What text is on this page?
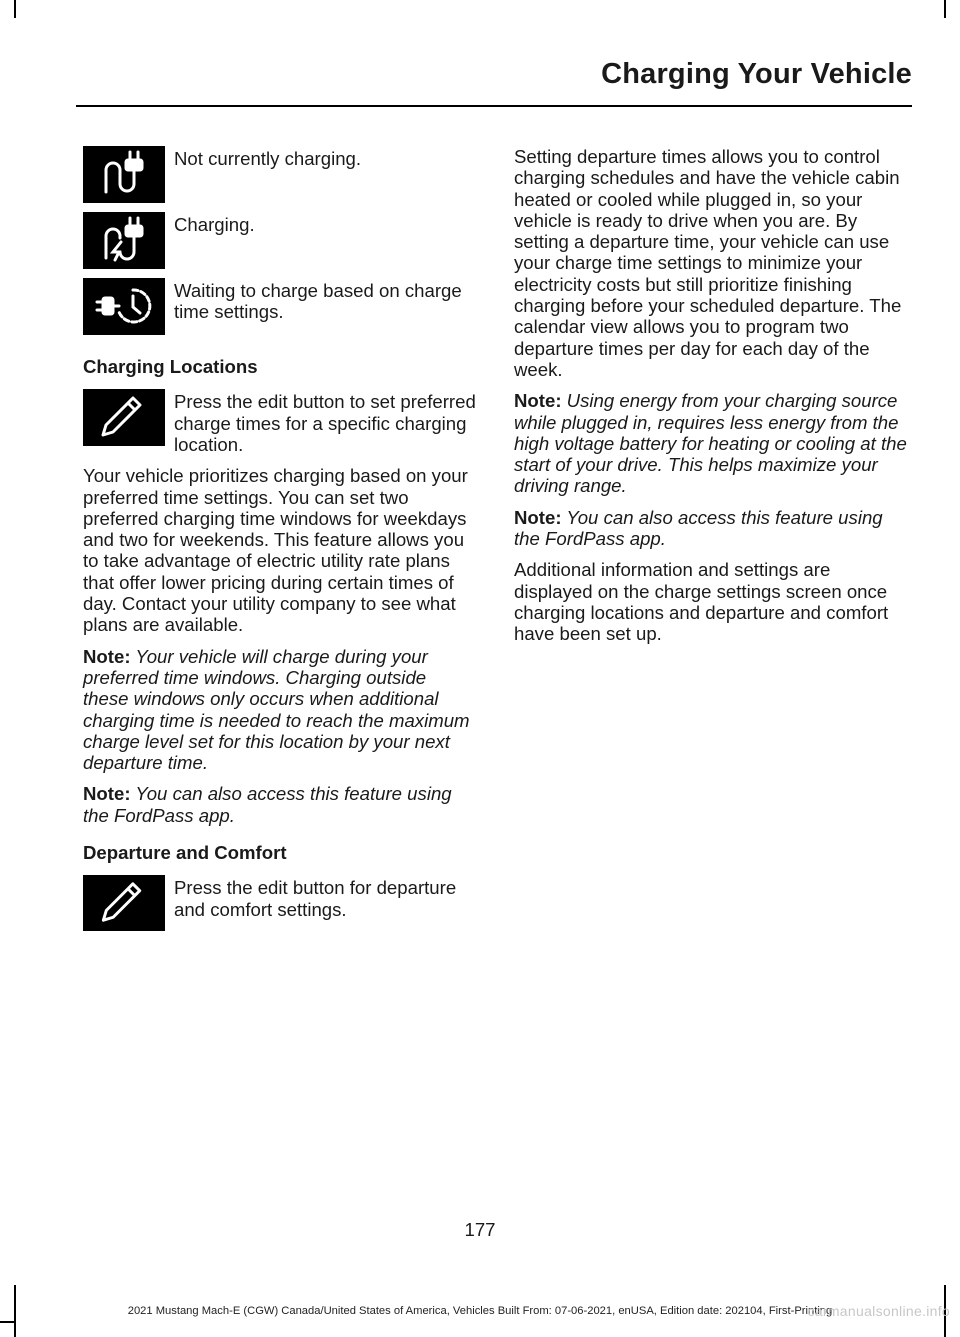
Charging Your Vehicle

Not currently charging.

Charging.

Waiting to charge based on charge time settings.

Charging Locations

Press the edit button to set preferred charge times for a specific charging location.

Your vehicle prioritizes charging based on your preferred time settings. You can set two preferred charging time windows for weekdays and two for weekends. This feature allows you to take advantage of electric utility rate plans that offer lower pricing during certain times of day. Contact your utility company to see what plans are available.

Note: Your vehicle will charge during your preferred time windows. Charging outside these windows only occurs when additional charging time is needed to reach the maximum charge level set for this location by your next departure time.

Note: You can also access this feature using the FordPass app.

Departure and Comfort

Press the edit button for departure and comfort settings.

Setting departure times allows you to control charging schedules and have the vehicle cabin heated or cooled while plugged in, so your vehicle is ready to drive when you are. By setting a departure time, your vehicle can use your charge time settings to minimize your electricity costs but still prioritize finishing charging before your scheduled departure. The calendar view allows you to program two departure times per day for each day of the week.

Note: Using energy from your charging source while plugged in, requires less energy from the high voltage battery for heating or cooling at the start of your drive. This helps maximize your driving range.

Note: You can also access this feature using the FordPass app.

Additional information and settings are displayed on the charge settings screen once charging locations and departure and comfort have been set up.

177
2021 Mustang Mach-E (CGW) Canada/United States of America, Vehicles Built From: 07-06-2021, enUSA, Edition date: 202104, First-Printing
carmanualsonline.info
